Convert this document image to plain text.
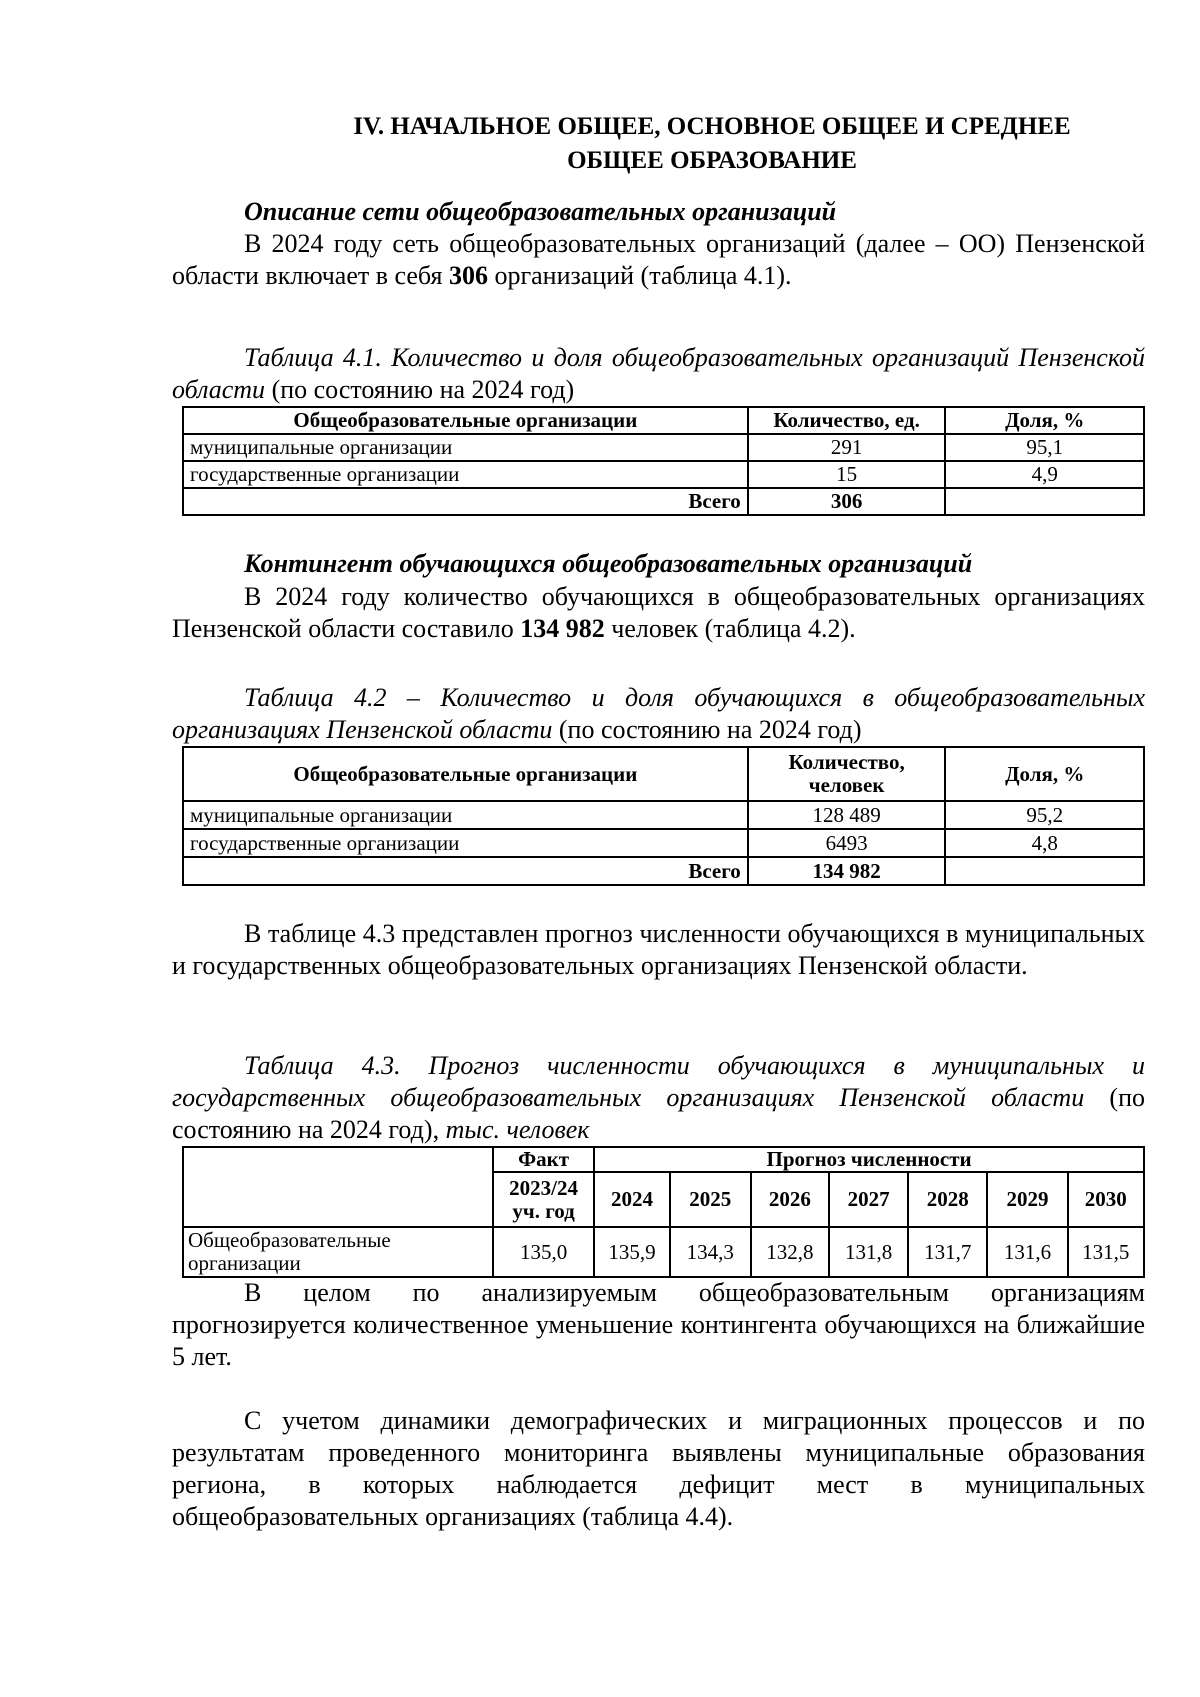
IV. НАЧАЛЬНОЕ ОБЩЕЕ, ОСНОВНОЕ ОБЩЕЕ И СРЕДНЕЕ
ОБЩЕЕ ОБРАЗОВАНИЕ
Описание сети общеобразовательных организаций
В 2024 году сеть общеобразовательных организаций (далее – ОО) Пензенской области включает в себя 306 организаций (таблица 4.1).
Таблица 4.1. Количество и доля общеобразовательных организаций Пензенской области (по состоянию на 2024 год)
Общеобразовательные организации	Количество, ед.	Доля, %
муниципальные организации	291	95,1
государственные организации	15	4,9
Всего	306	
Контингент обучающихся общеобразовательных организаций
В 2024 году количество обучающихся в общеобразовательных организациях Пензенской области составило 134 982 человек (таблица 4.2).
Таблица 4.2 – Количество и доля обучающихся в общеобразовательных организациях Пензенской области (по состоянию на 2024 год)
Общеобразовательные организации	Количество, человек	Доля, %
муниципальные организации	128 489	95,2
государственные организации	6493	4,8
Всего	134 982	
В таблице 4.3 представлен прогноз численности обучающихся в муниципальных и государственных общеобразовательных организациях Пензенской области.
Таблица 4.3. Прогноз численности обучающихся в муниципальных и государственных общеобразовательных организациях Пензенской области (по состоянию на 2024 год), тыс. человек
	Факт	Прогноз численности						
	2023/24 уч. год	2024	2025	2026	2027	2028	2029	2030
Общеобразовательные организации	135,0	135,9	134,3	132,8	131,8	131,7	131,6	131,5
В целом по анализируемым общеобразовательным организациям прогнозируется количественное уменьшение контингента обучающихся на ближайшие 5 лет.
С учетом динамики демографических и миграционных процессов и по результатам проведенного мониторинга выявлены муниципальные образования региона, в которых наблюдается дефицит мест в муниципальных общеобразовательных организациях (таблица 4.4).
